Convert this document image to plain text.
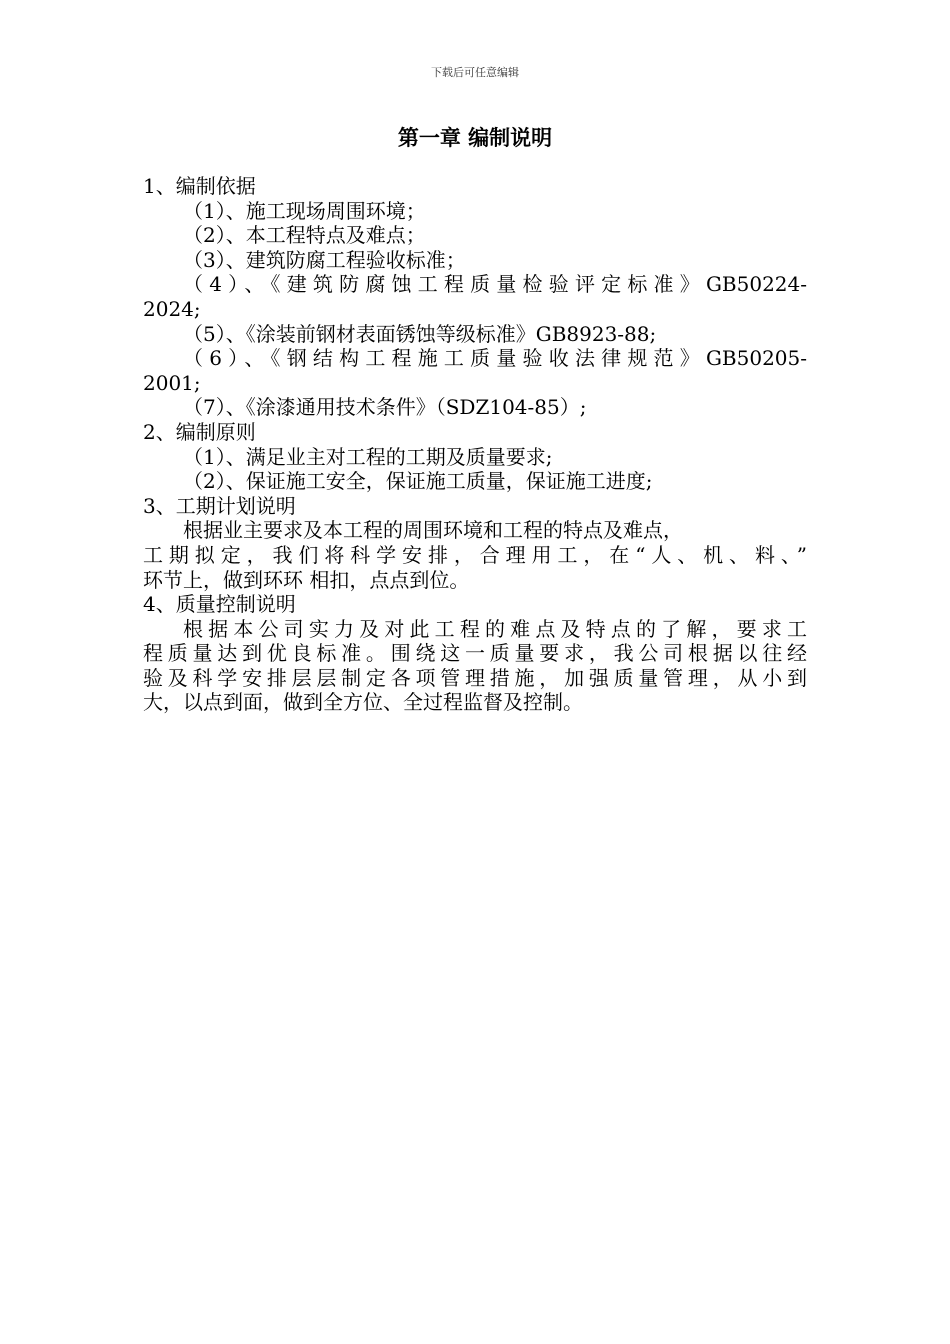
下载后可任意编辑
第一章 编制说明
1、编制依据
（1）、施工现场周围环境；
（2）、本工程特点及难点；
（3）、建筑防腐工程验收标准；
（4）、《建筑防腐蚀工程质量检验评定标准》GB50224-
2024;
（5）、《涂装前钢材表面锈蚀等级标准》GB8923-88;
（6）、《钢结构工程施工质量验收法律规范》GB50205-
2001;
（7）、《涂漆通用技术条件》（SDZ104-85）;
2、编制原则
（1）、满足业主对工程的工期及质量要求;
（2）、保证施工安全，保证施工质量，保证施工进度;
3、工期计划说明
根据业主要求及本工程的周围环境和工程的特点及难点，
工期拟定，我们将科学安排，合理用工，在“人、机、料、”
环节上，做到环环 相扣，点点到位。
4、质量控制说明
根据本公司实力及对此工程的难点及特点的了解，要求工
程质量达到优良标准。围绕这一质量要求，我公司根据以往经
验及科学安排层层制定各项管理措施，加强质量管理，从小到
大，以点到面，做到全方位、全过程监督及控制。
